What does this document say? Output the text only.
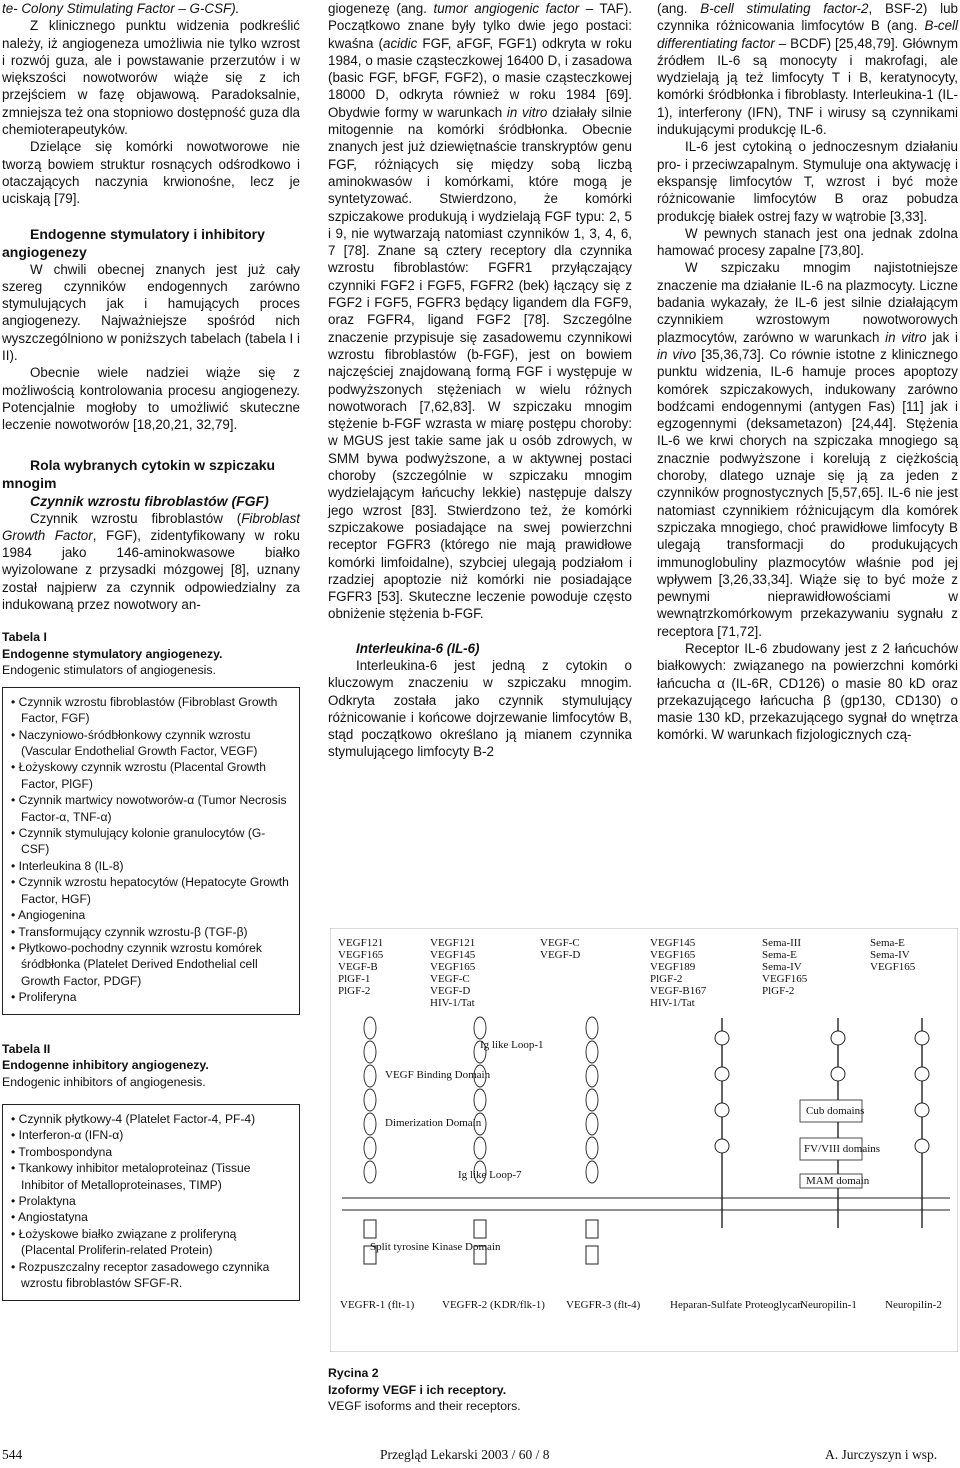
te- Colony Stimulating Factor – G-CSF).

Z klinicznego punktu widzenia podkreślić należy, iż angiogeneza umożliwia nie tylko wzrost i rozwój guza, ale i powstawanie przerzutów i w większości nowotworów wiąże się z ich przejściem w fazę objawową. Paradoksalnie, zmniejsza też ona stopniowo dostępność guza dla chemioterapeutyków.

Dzielące się komórki nowotworowe nie tworzą bowiem struktur rosnących odśrodkowo i otaczających naczynia krwionośne, lecz je uciskają [79].

Endogenne stymulatory i inhibitory angiogenezy

W chwili obecnej znanych jest już cały szereg czynników endogennych zarówno stymulujących jak i hamujących proces angiogenezy. Najważniejsze spośród nich wyszczególniono w poniższych tabelach (tabela I i II).

Obecnie wiele nadziei wiąże się z możliwością kontrolowania procesu angiogenezy. Potencjalnie mogłoby to umożliwić skuteczne leczenie nowotworów [18,20,21, 32,79].

Rola wybranych cytokin w szpiczaku mnogim

Czynnik wzrostu fibroblastów (FGF)

Czynnik wzrostu fibroblastów (Fibroblast Growth Factor, FGF), zidentyfikowany w roku 1984 jako 146-aminokwasowe białko wyizolowane z przysadki mózgowej [8], uznany został najpierw za czynnik odpowiedzialny za indukowaną przez nowotwory an-

Tabela I
Endogenne stymulatory angiogenezy.
Endogenic stimulators of angiogenesis.
• Czynnik wzrostu fibroblastów (Fibroblast Growth Factor, FGF)
• Naczyniowo-śródbłonkowy czynnik wzrostu (Vascular Endothelial Growth Factor, VEGF)
• Łożyskowy czynnik wzrostu (Placental Growth Factor, PlGF)
• Czynnik martwicy nowotworów-α (Tumor Necrosis Factor-α, TNF-α)
• Czynnik stymulujący kolonie granulocytów (G-CSF)
• Interleukina 8 (IL-8)
• Czynnik wzrostu hepatocytów (Hepatocyte Growth Factor, HGF)
• Angiogenina
• Transformujący czynnik wzrostu-β (TGF-β)
• Płytkowo-pochodny czynnik wzrostu komórek śródbłonka (Platelet Derived Endothelial cell Growth Factor, PDGF)
• Proliferyna
Tabela II
Endogenne inhibitory angiogenezy.
Endogenic inhibitors of angiogenesis.
• Czynnik płytkowy-4 (Platelet Factor-4, PF-4)
• Interferon-α (IFN-α)
• Trombospondyna
• Tkankowy inhibitor metaloproteinaz (Tissue Inhibitor of Metalloproteinases, TIMP)
• Prolaktyna
• Angiostatyna
• Łożyskowe białko związane z proliferyną (Placental Proliferin-related Protein)
• Rozpuszczalny receptor zasadowego czynnika wzrostu fibroblastów SFGF-R.

giogenezę (ang. tumor angiogenic factor – TAF). Początkowo znane były tylko dwie jego postaci: kwaśna (acidic FGF, aFGF, FGF1) odkryta w roku 1984, o masie cząsteczkowej 16400 D, i zasadowa (basic FGF, bFGF, FGF2), o masie cząsteczkowej 18000 D, odkryta również w roku 1984 [69]. Obydwie formy w warunkach in vitro działały silnie mitogennie na komórki śródbłonka. Obecnie znanych jest już dziewiętnaście transkryptów genu FGF, różniących się między sobą liczbą aminokwasów i komórkami, które mogą je syntetyzować. Stwierdzono, że komórki szpiczakowe produkują i wydzielają FGF typu: 2, 5 i 9, nie wytwarzają natomiast czynników 1, 3, 4, 6, 7 [78]. Znane są cztery receptory dla czynnika wzrostu fibroblastów: FGFR1 przyłączający czynniki FGF2 i FGF5, FGFR2 (bek) łączący się z FGF2 i FGF5, FGFR3 będący ligandem dla FGF9, oraz FGFR4, ligand FGF2 [78]. Szczególne znaczenie przypisuje się zasadowemu czynnikowi wzrostu fibroblastów (b-FGF), jest on bowiem najczęściej znajdowaną formą FGF i występuje w podwyższonych stężeniach w wielu różnych nowotworach [7,62,83]. W szpiczaku mnogim stężenie b-FGF wzrasta w miarę postępu choroby: w MGUS jest takie same jak u osób zdrowych, w SMM bywa podwyższone, a w aktywnej postaci choroby (szczególnie w szpiczaku mnogim wydzielającym łańcuchy lekkie) następuje dalszy jego wzrost [83]. Stwierdzono też, że komórki szpiczakowe posiadające na swej powierzchni receptor FGFR3 (którego nie mają prawidłowe komórki limfoidalne), szybciej ulegają podziałom i rzadziej apoptozie niż komórki nie posiadające FGFR3 [53]. Skuteczne leczenie powoduje często obniżenie stężenia b-FGF.

Interleukina-6 (IL-6)

Interleukina-6 jest jedną z cytokin o kluczowym znaczeniu w szpiczaku mnogim. Odkryta została jako czynnik stymulujący różnicowanie i końcowe dojrzewanie limfocytów B, stąd początkowo określano ją mianem czynnika stymulującego limfocyty B-2

(ang. B-cell stimulating factor-2, BSF-2) lub czynnika różnicowania limfocytów B (ang. B-cell differentiating factor – BCDF) [25,48,79]. Głównym źródłem IL-6 są monocyty i makrofagi, ale wydzielają ją też limfocyty T i B, keratynocyty, komórki śródbłonka i fibroblasty. Interleukina-1 (IL-1), interferony (IFN), TNF i wirusy są czynnikami indukującymi produkcję IL-6.

IL-6 jest cytokiną o jednoczesnym działaniu pro- i przeciwzapalnym. Stymuluje ona aktywację i ekspansję limfocytów T, wzrost i być może różnicowanie limfocytów B oraz pobudza produkcję białek ostrej fazy w wątrobie [3,33].

W pewnych stanach jest ona jednak zdolna hamować procesy zapalne [73,80].

W szpiczaku mnogim najistotniejsze znaczenie ma działanie IL-6 na plazmocyty. Liczne badania wykazały, że IL-6 jest silnie działającym czynnikiem wzrostowym nowotworowych plazmocytów, zarówno w warunkach in vitro jak i in vivo [35,36,73]. Co równie istotne z klinicznego punktu widzenia, IL-6 hamuje proces apoptozy komórek szpiczakowych, indukowany zarówno bodźcami endogennymi (antygen Fas) [11] jak i egzogennymi (deksametazon) [24,44]. Stężenia IL-6 we krwi chorych na szpiczaka mnogiego są znacznie podwyższone i korelują z ciężkością choroby, dlatego uznaje się ją za jeden z czynników prognostycznych [5,57,65]. IL-6 nie jest natomiast czynnikiem różnicującym dla komórek szpiczaka mnogiego, choć prawidłowe limfocyty B ulegają transformacji do produkujących immunoglobuliny plazmocytów właśnie pod jej wpływem [3,26,33,34]. Wiąże się to być może z pewnymi nieprawidłowościami w wewnątrzkomórkowym przekazywaniu sygnału z receptora [71,72].

Receptor IL-6 zbudowany jest z 2 łańcuchów białkowych: związanego na powierzchni komórki łańcucha α (IL-6R, CD126) o masie 80 kD oraz przekazującego łańcucha β (gp130, CD130) o masie 130 kD, przekazującego sygnał do wnętrza komórki. W warunkach fizjologicznych czą-

VEGF121
VEGF165
VEGF-B
PlGF-1
PlGF-2
VEGF121
VEGF145
VEGF165
VEGF-C
VEGF-D
HIV-1/Tat
VEGF-C
VEGF-D
VEGF145
VEGF165
VEGF189
PlGF-2
VEGF-B167
HIV-1/Tat
Sema-III
Sema-E
Sema-IV
VEGF165
PlGF-2
Sema-E
Sema-IV
VEGF165
Ig like Loop-1
Ig like Loop-7
VEGF Binding Domain
Dimerization Domain
Split tyrosine Kinase Domain
Cub domains
FV/VIII domains
MAM domain
VEGFR-1 (flt-1)	VEGFR-2 (KDR/flk-1) VEGFR-3 (flt-4)	Heparan-Sulfate Proteoglycan
Neuropilin-1	Neuropilin-2
Rycina 2
Izoformy VEGF i ich receptory.
VEGF isoforms and their receptors.
544	Przegląd Lekarski 2003 / 60 / 8	A. Jurczyszyn i wsp.
